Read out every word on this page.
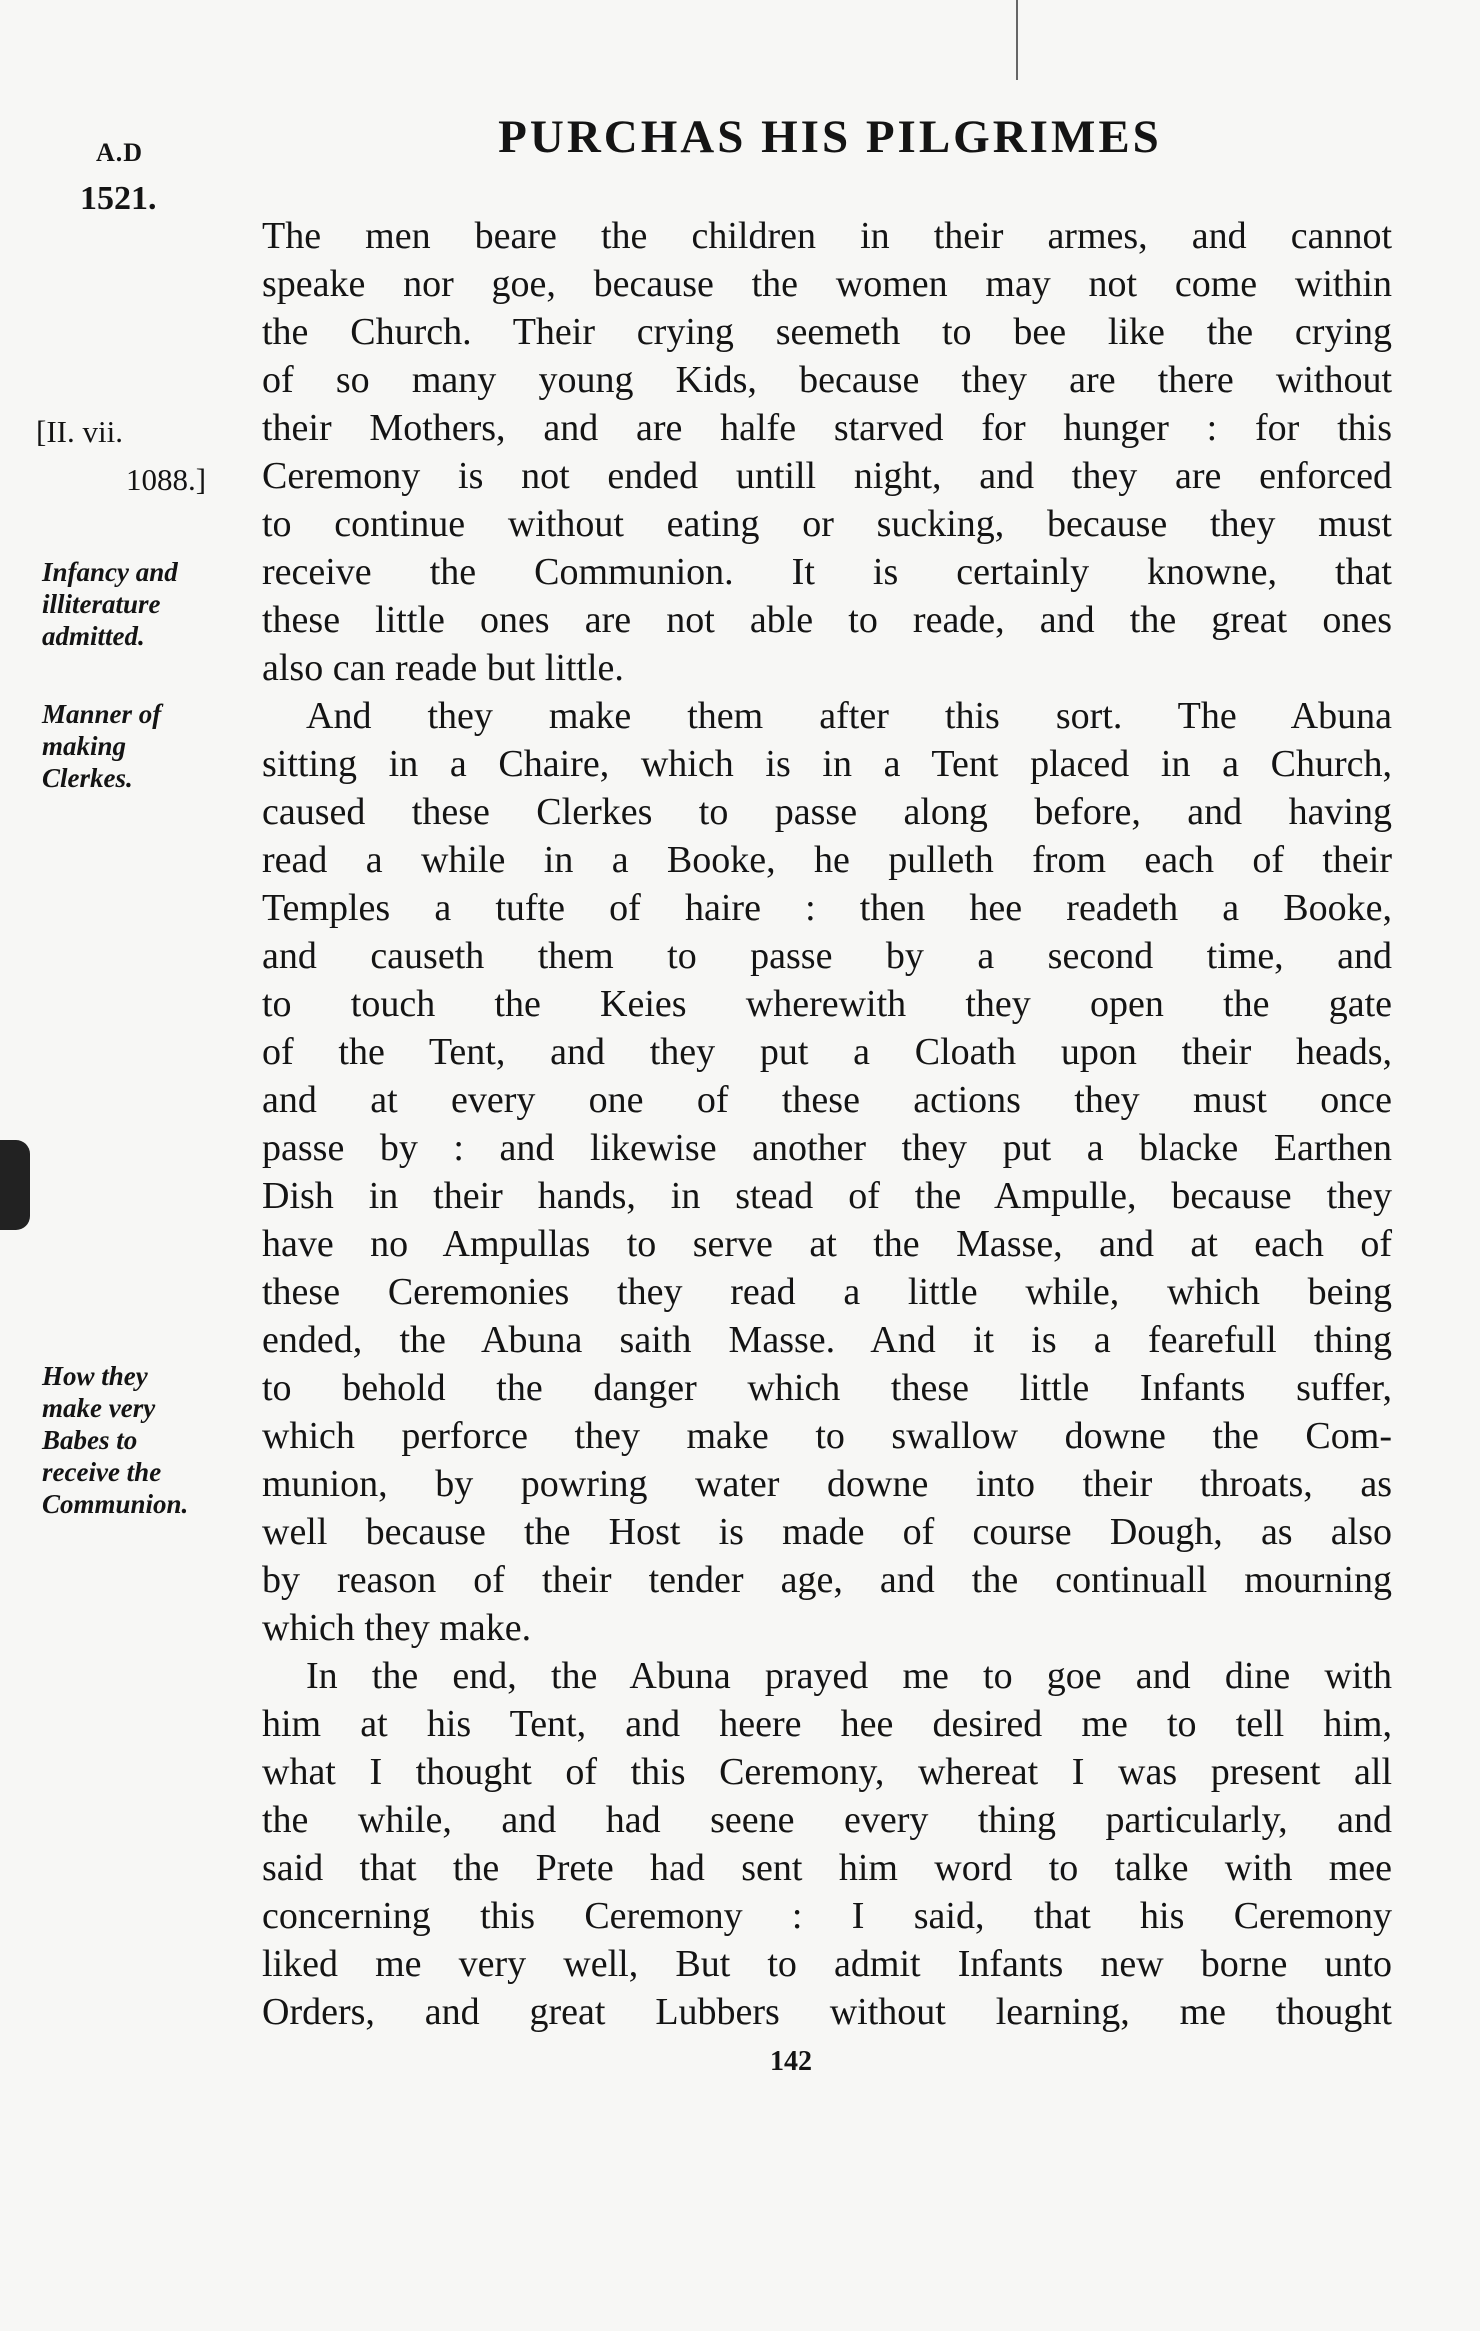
A.D
1521.
PURCHAS HIS PILGRIMES
[II. vii.
1088.]
Infancy and
illiterature
admitted.
Manner of
making
Clerkes.
How they
make very
Babes to
receive the
Communion.
The men beare the children in their armes, and cannot
speake nor goe, because the women may not come within
the Church. Their crying seemeth to bee like the crying
of so many young Kids, because they are there without
their Mothers, and are halfe starved for hunger : for this
Ceremony is not ended untill night, and they are enforced
to continue without eating or sucking, because they must
receive the Communion. It is certainly knowne, that
these little ones are not able to reade, and the great ones
also can reade but little.
And they make them after this sort. The Abuna
sitting in a Chaire, which is in a Tent placed in a Church,
caused these Clerkes to passe along before, and having
read a while in a Booke, he pulleth from each of their
Temples a tufte of haire : then hee readeth a Booke,
and causeth them to passe by a second time, and
to touch the Keies wherewith they open the gate
of the Tent, and they put a Cloath upon their heads,
and at every one of these actions they must once
passe by : and likewise another they put a blacke Earthen
Dish in their hands, in stead of the Ampulle, because they
have no Ampullas to serve at the Masse, and at each of
these Ceremonies they read a little while, which being
ended, the Abuna saith Masse. And it is a fearefull thing
to behold the danger which these little Infants suffer,
which perforce they make to swallow downe the Com-
munion, by powring water downe into their throats, as
well because the Host is made of course Dough, as also
by reason of their tender age, and the continuall mourning
which they make.
In the end, the Abuna prayed me to goe and dine with
him at his Tent, and heere hee desired me to tell him,
what I thought of this Ceremony, whereat I was present all
the while, and had seene every thing particularly, and
said that the Prete had sent him word to talke with mee
concerning this Ceremony : I said, that his Ceremony
liked me very well, But to admit Infants new borne unto
Orders, and great Lubbers without learning, me thought
142
